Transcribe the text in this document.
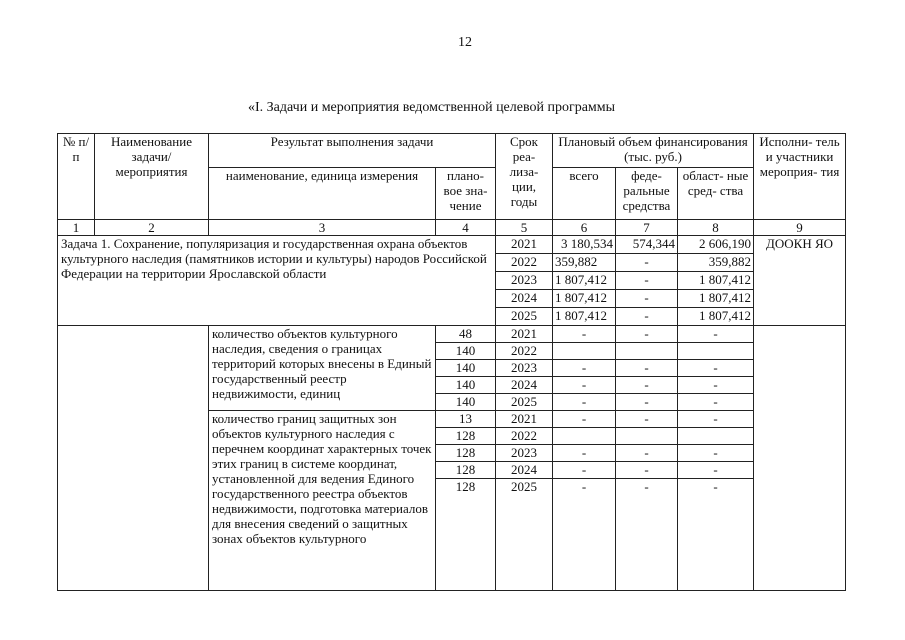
12
«I. Задачи и мероприятия ведомственной целевой программы
№ п/п	Наименование задачи/ мероприятия	Результат выполнения задачи		Срок реа- лиза- ции, годы	Плановый объем финансирования (тыс. руб.)			Исполни- тель и участники мероприя- тия
		наименование, единица измерения	плано- вое зна- чение		всего	феде- ральные средства	област- ные сред- ства	
1	2	3	4	5	6	7	8	9
Задача 1. Сохранение, популяризация и государственная охрана объектов культурного наследия (памятников истории и культуры) народов Российской Федерации на территории Ярославской области				2021	3 180,534	574,344	2 606,190	ДООКН ЯО
				2022	359,882	-	359,882	
				2023	1 807,412	-	1 807,412	
				2024	1 807,412	-	1 807,412	
				2025	1 807,412	-	1 807,412	
		количество объектов культурного наследия, сведения о границах территорий которых внесены в Единый государственный реестр недвижимости, единиц	48	2021	-	-	-	
			140	2022				
			140	2023	-	-	-	
			140	2024	-	-	-	
			140	2025	-	-	-	
		количество границ защитных зон объектов культурного наследия с перечнем координат характерных точек этих границ в системе координат, установленной для ведения Единого государственного реестра объектов недвижимости, подготовка материалов для внесения сведений о защитных зонах объектов культурного	13	2021	-	-	-	
			128	2022				
			128	2023	-	-	-	
			128	2024	-	-	-	
			128	2025	-	-	-	
